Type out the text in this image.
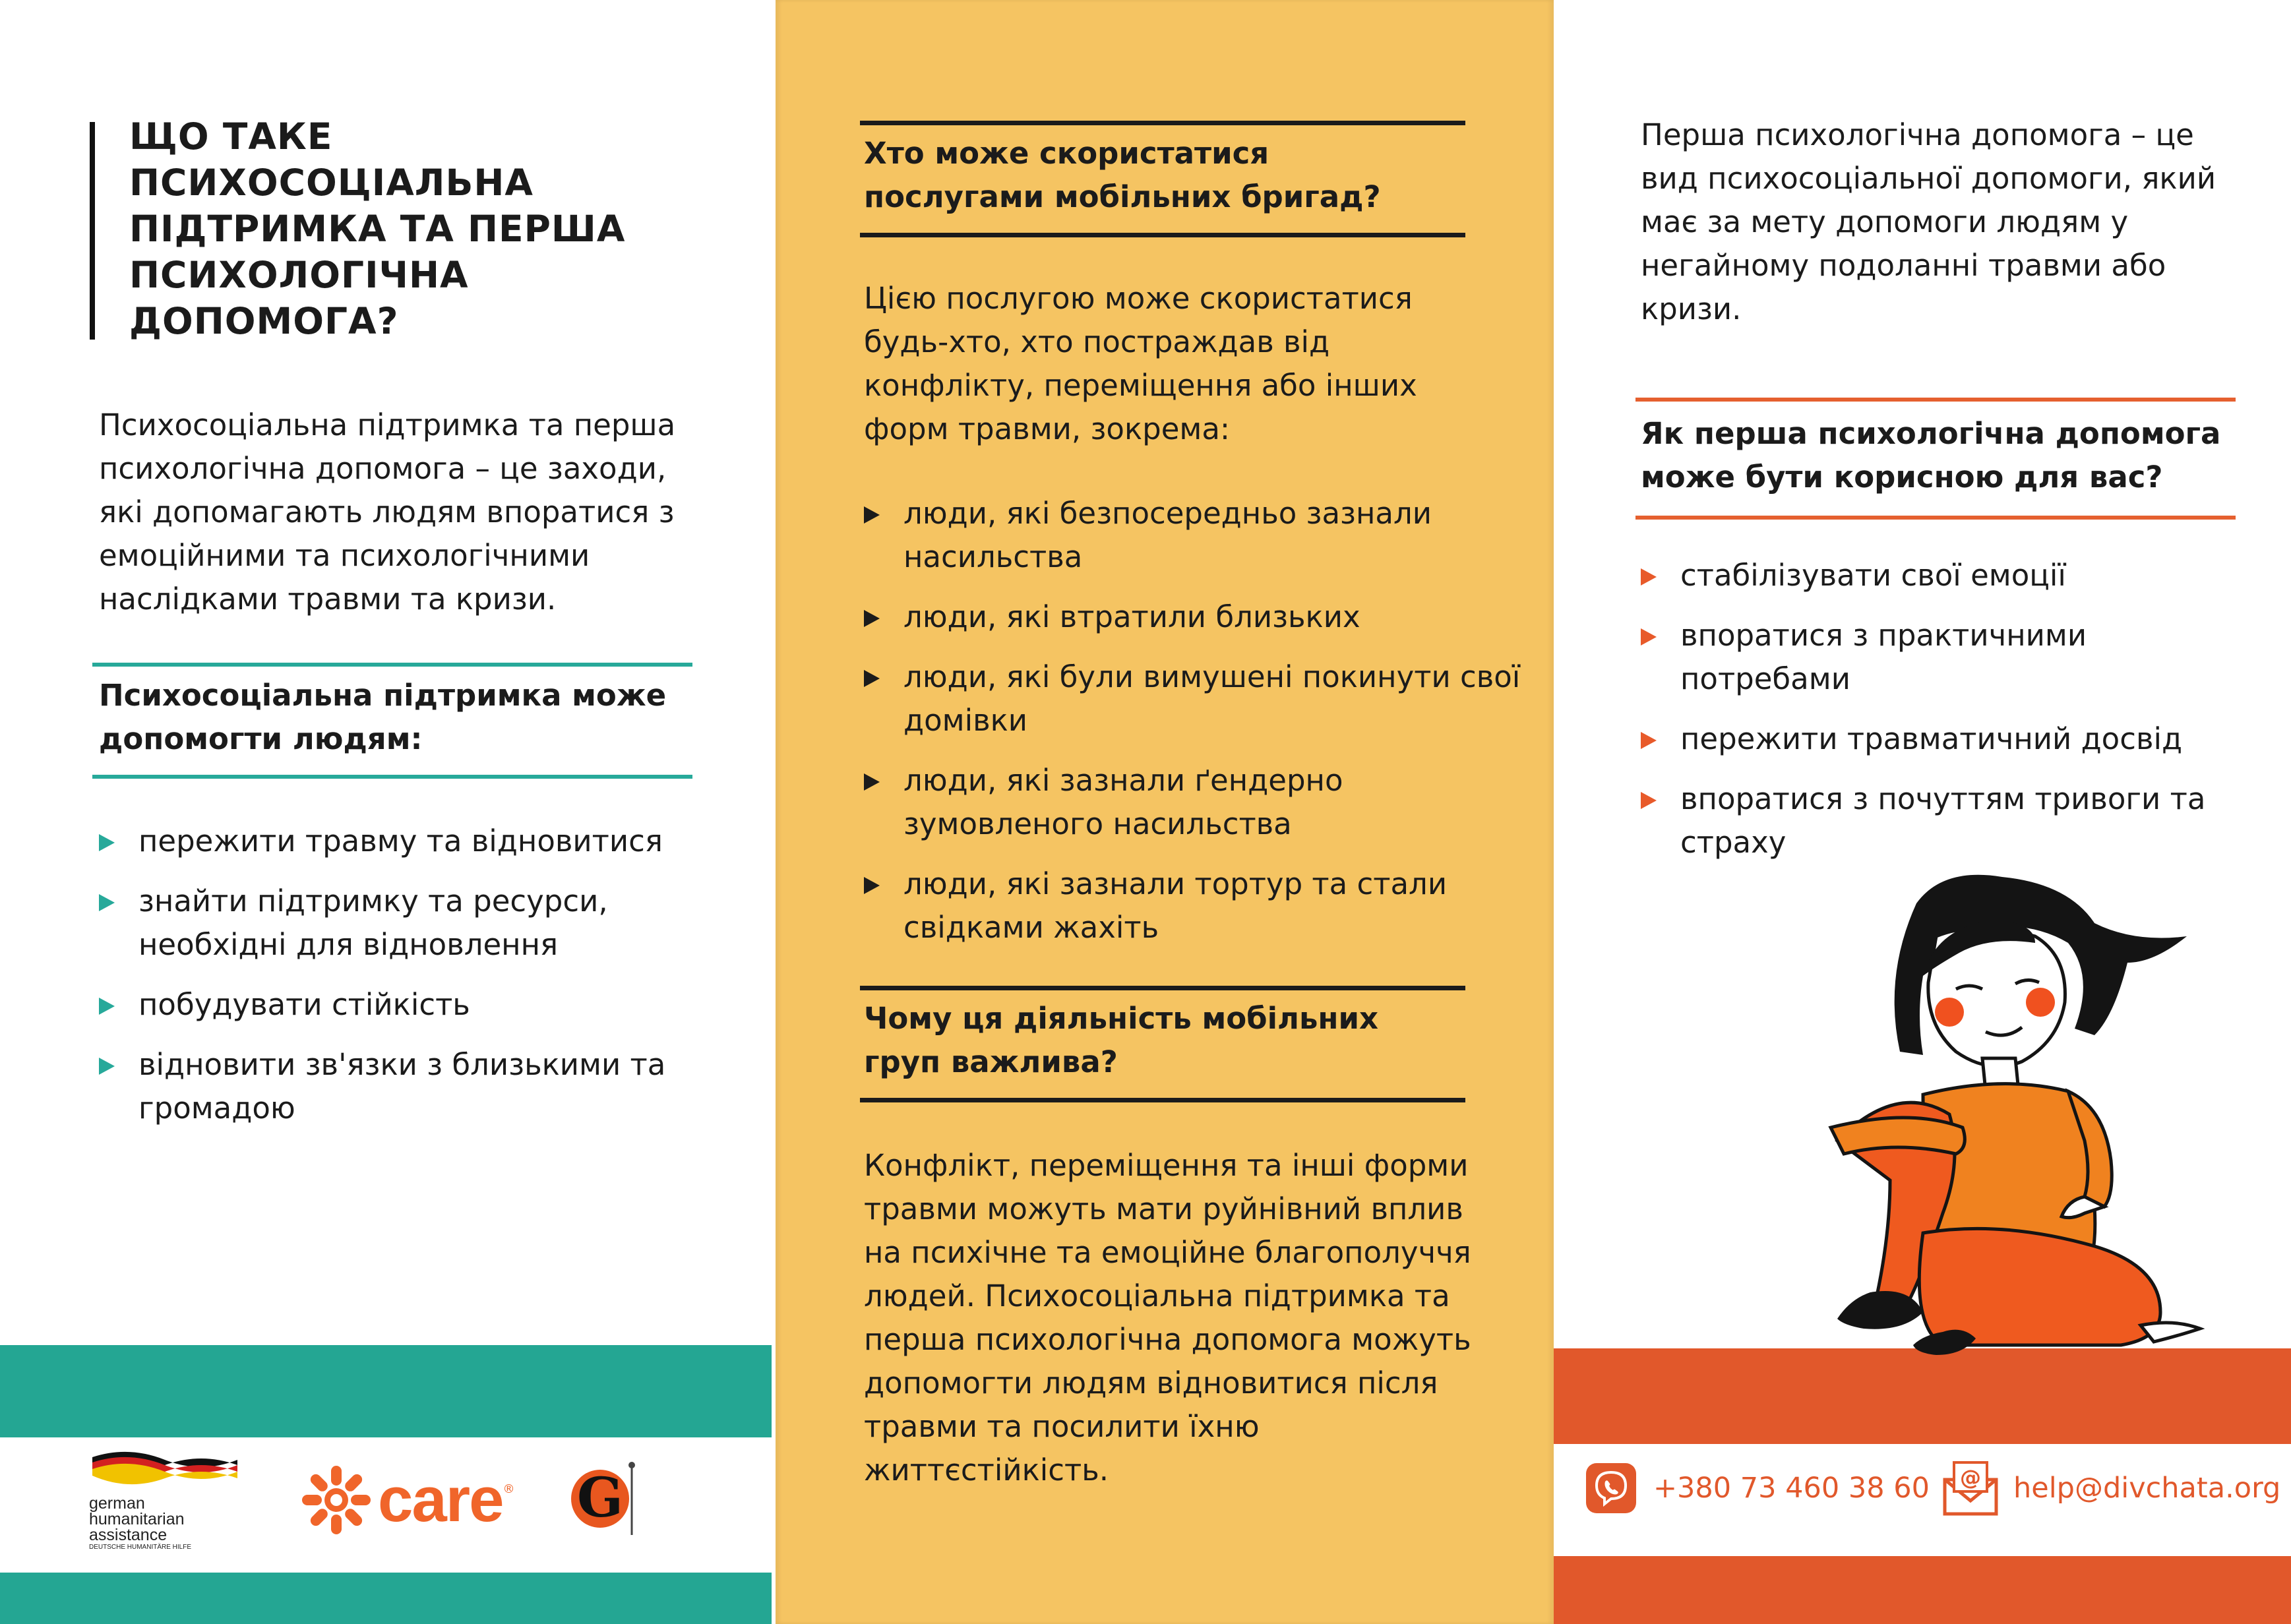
ЩО ТАКЕ ПСИХОСОЦІАЛЬНА ПІДТРИМКА ТА ПЕРША ПСИХОЛОГІЧНА ДОПОМОГА?
Психосоціальна підтримка та перша психологічна допомога – це заходи, які допомагають людям впоратися з емоційними та психологічними наслідками травми та кризи.
Психосоціальна підтримка може допомогти людям:
пережити травму та відновитися
знайти підтримку та ресурси, необхідні для відновлення
побудувати стійкість
відновити зв'язки з близькими та громадою
german
humanitarian
assistance
DEUTSCHE HUMANITÄRE HILFE
care ® G
Хто може скористатися послугами мобільних бригад?
Цією послугою може скористатися будь-хто, хто постраждав від конфлікту, переміщення або інших форм травми, зокрема:
люди, які безпосередньо зазнали насильства
люди, які втратили близьких
люди, які були вимушені покинути свої домівки
люди, які зазнали ґендерно зумовленого насильства
люди, які зазнали тортур та стали свідками жахіть
Чому ця діяльність мобільних груп важлива?
Конфлікт, переміщення та інші форми травми можуть мати руйнівний вплив на психічне та емоційне благополуччя людей. Психосоціальна підтримка та перша психологічна допомога можуть допомогти людям відновитися після травми та посилити їхню життєстійкість.
Перша психологічна допомога – це вид психосоціальної допомоги, який має за мету допомоги людям у негайному подоланні травми або кризи.
Як перша психологічна допомога може бути корисною для вас?
стабілізувати свої емоції
впоратися з практичними потребами
пережити травматичний досвід
впоратися з почуттям тривоги та страху
+380 73 460 38 60 @ help@divchata.org
